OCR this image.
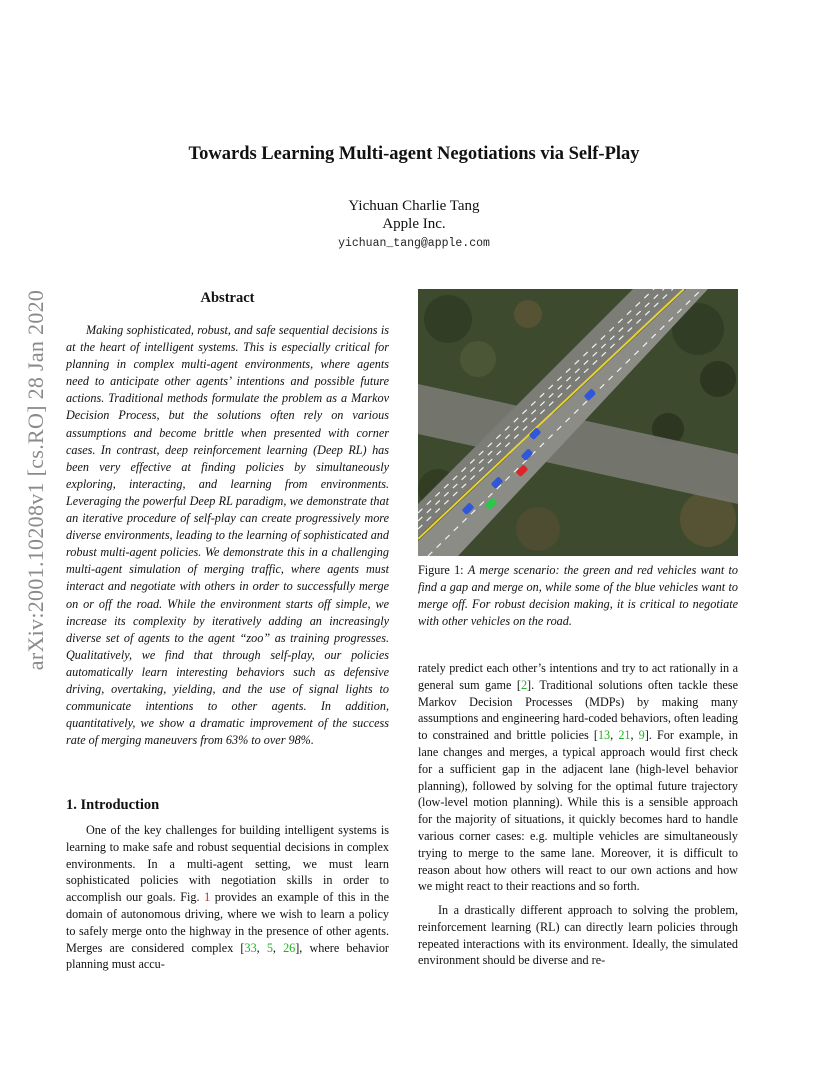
Towards Learning Multi-agent Negotiations via Self-Play
Yichuan Charlie Tang
Apple Inc.
yichuan_tang@apple.com
arXiv:2001.10208v1 [cs.RO] 28 Jan 2020	Abstract

Making sophisticated, robust, and safe sequential decisions is at the heart of intelligent systems. This is especially critical for planning in complex multi-agent environments, where agents need to anticipate other agents’ intentions and possible future actions. Traditional methods formulate the problem as a Markov Decision Process, but the solutions often rely on various assumptions and become brittle when presented with corner cases. In contrast, deep reinforcement learning (Deep RL) has been very effective at finding policies by simultaneously exploring, interacting, and learning from environments. Leveraging the powerful Deep RL paradigm, we demonstrate that an iterative procedure of self-play can create progressively more diverse environments, leading to the learning of sophisticated and robust multi-agent policies. We demonstrate this in a challenging multi-agent simulation of merging traffic, where agents must interact and negotiate with others in order to successfully merge on or off the road. While the environment starts off simple, we increase its complexity by iteratively adding an increasingly diverse set of agents to the agent “zoo” as training progresses. Qualitatively, we find that through self-play, our policies automatically learn interesting behaviors such as defensive driving, overtaking, yielding, and the use of signal lights to communicate intentions to other agents. In addition, quantitatively, we show a dramatic improvement of the success rate of merging maneuvers from 63% to over 98%.

1. Introduction

One of the key challenges for building intelligent systems is learning to make safe and robust sequential decisions in complex environments. In a multi-agent setting, we must learn sophisticated policies with negotiation skills in order to accomplish our goals. Fig. 1 provides an example of this in the domain of autonomous driving, where we wish to learn a policy to safely merge onto the highway in the presence of other agents. Merges are considered complex [33, 5, 26], where behavior planning must accu-

Figure 1: A merge scenario: the green and red vehicles want to find a gap and merge on, while some of the blue vehicles want to merge off. For robust decision making, it is critical to negotiate with other vehicles on the road.

rately predict each other’s intentions and try to act rationally in a general sum game [2]. Traditional solutions often tackle these Markov Decision Processes (MDPs) by making many assumptions and engineering hard-coded behaviors, often leading to constrained and brittle policies [13, 21, 9]. For example, in lane changes and merges, a typical approach would first check for a sufficient gap in the adjacent lane (high-level behavior planning), followed by solving for the optimal future trajectory (low-level motion planning). While this is a sensible approach for the majority of situations, it quickly becomes hard to handle various corner cases: e.g. multiple vehicles are simultaneously trying to merge to the same lane. Moreover, it is difficult to reason about how others will react to our own actions and how we might react to their reactions and so forth.

In a drastically different approach to solving the problem, reinforcement learning (RL) can directly learn policies through repeated interactions with its environment. Ideally, the simulated environment should be diverse and re-
